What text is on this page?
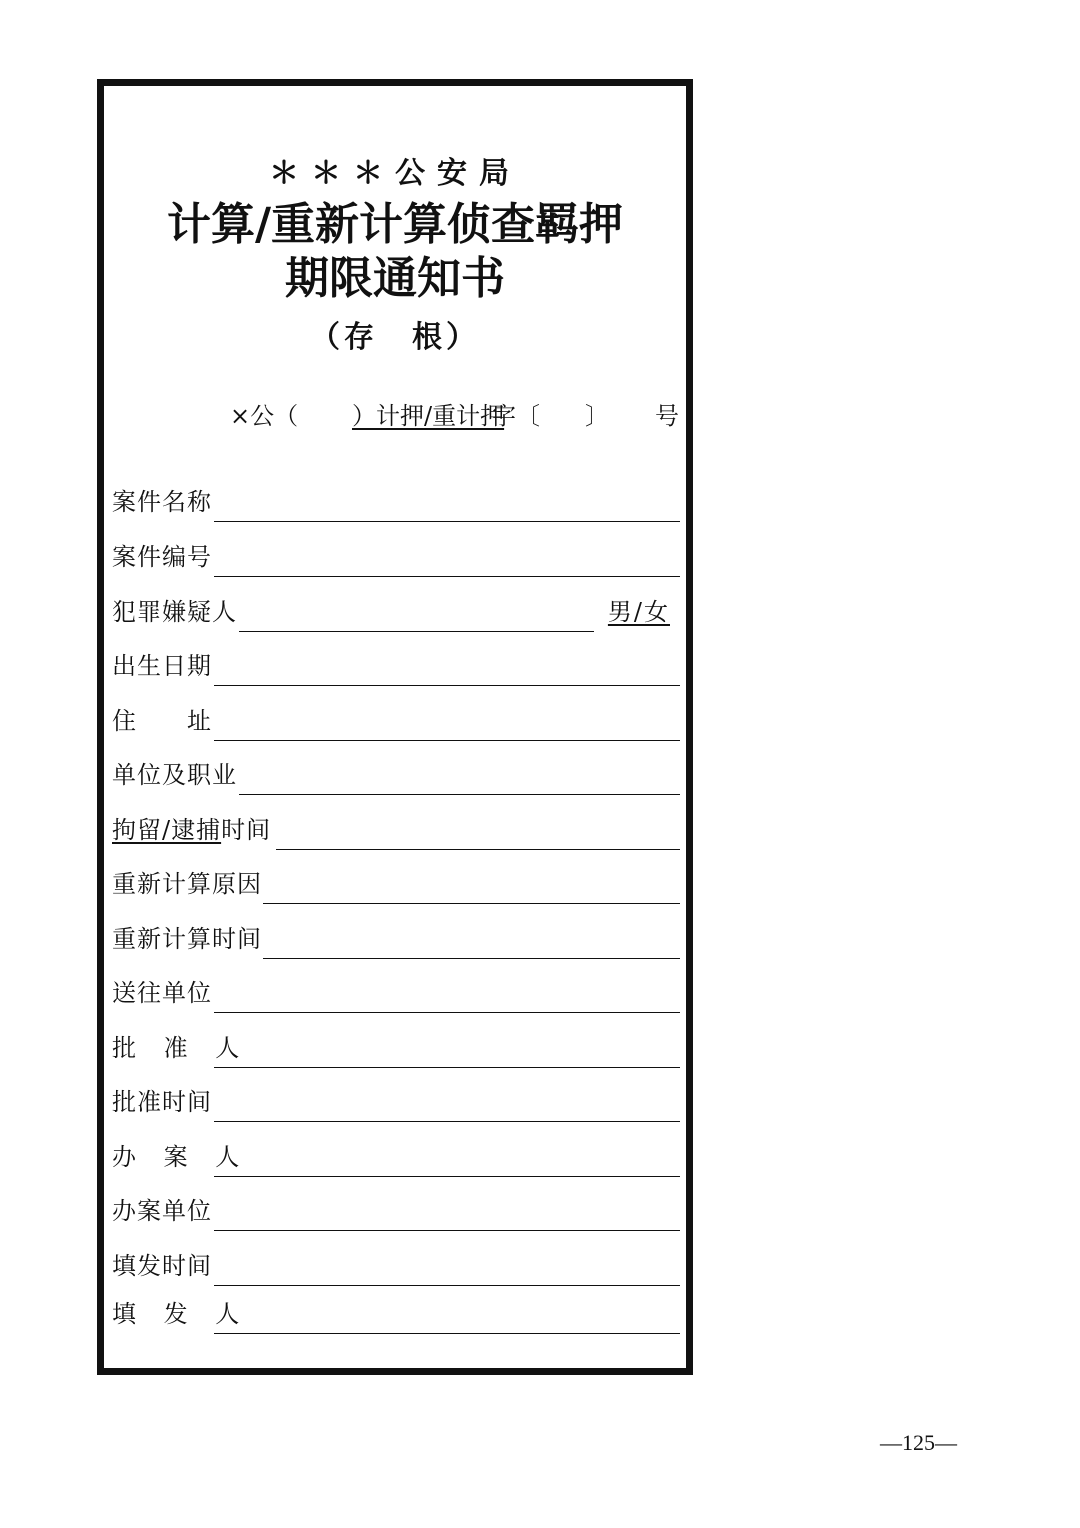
＊＊＊公安局
计算/重新计算侦查羁押
期限通知书
（存　根）
×公（ ）计押/重计押
字〔 〕 号
案件名称
案件编号
犯罪嫌疑人	男/女
出生日期
住　　址
单位及职业
拘留/逮捕时间
重新计算原因
重新计算时间
送往单位
批 准 人
批准时间
办 案 人
办案单位
填发时间
填 发 人
—125—
